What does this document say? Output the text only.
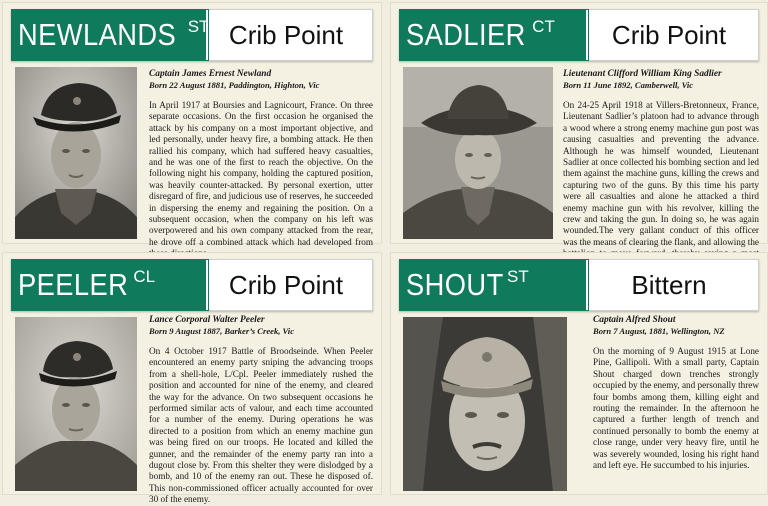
NEWLANDS ST Crib Point
Captain James Ernest Newland
Born 22 August 1881, Paddington, Highton, Vic

In April 1917 at Boursies and Lagnicourt, France. On three separate occasions. On the first occasion he organised the attack by his company on a most important objective, and led personally, under heavy fire, a bombing attack. He then rallied his company, which had suffered heavy casualties, and he was one of the first to reach the objective. On the following night his company, holding the captured position, was heavily counter-attacked. By personal exertion, utter disregard of fire, and judicious use of reserves, he succeeded in dispersing the enemy and regaining the position. On a subsequent occasion, when the company on his left was overpowered and his own company attacked from the rear, he drove off a combined attack which had developed from

SADLIER CT	Crib Point
Lieutenant Clifford William King Sadlier
Born 11 June 1892, Camberwell, Vic

On 24-25 April 1918 at Villers-Bretonneux, France, Lieutenant Sadlier’s platoon had to advance through a wood where a strong enemy machine gun post was causing casualties and preventing the advance. Although he was himself wounded, Lieutenant Sadlier at once collected his bombing section and led them against the machine guns, killing the crews and capturing two of the guns. By this time his party were all casualties and alone he attacked a third enemy machine gun with his revolver, killing the crew and taking the gun. In doing so, he was again wounded.The very gallant conduct of this officer was the means of clearing the flank, and allowing the

PEELER CL	Crib Point
Lance Corporal Walter Peeler
Born 9 August 1887, Barker’s Creek, Vic

On 4 October 1917 Battle of Broodseinde. When Peeler encountered an enemy party sniping the advancing troops from a shell-hole, L/Cpl. Peeler immediately rushed the position and accounted for nine of the enemy, and cleared the way for the advance. On two subsequent occasions he performed similar acts of valour, and each time accounted for a number of the enemy. During operations he was directed to a position from which an enemy machine gun was being fired on our troops. He located and killed the gunner, and the remainder of the enemy party ran into a dugout close by. From this shelter they were dislodged by a bomb, and 10 of the enemy ran out. These he disposed of. This non-commissioned officer actually accounted for over 30 of the enemy.

SHOUT ST	Bittern
Captain Alfred Shout
Born 7 August, 1881, Wellington, NZ

On the morning of 9 August 1915 at Lone Pine, Gallipoli. With a small party, Captain Shout charged down trenches strongly occupied by the enemy, and personally threw four bombs among them, killing eight and routing the remainder. In the afternoon he captured a further length of trench and continued personally to bomb the enemy at close range, under very heavy fire, until he was severely wounded, losing his right hand and left eye. He succumbed to his injuries.
